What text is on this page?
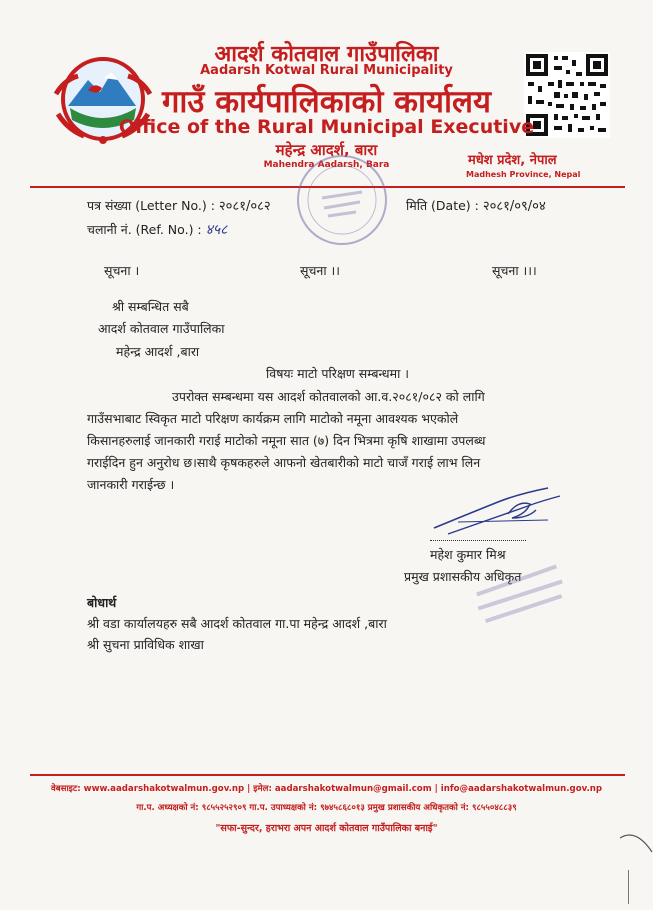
आदर्श कोतवाल गाउँपालिका
Aadarsh Kotwal Rural Municipality
गाउँ कार्यपालिकाको कार्यालय
Office of the Rural Municipal Executive
महेन्द्र आदर्श, बारा
Mahendra Aadarsh, Bara	मधेश प्रदेश, नेपाल
Madhesh Province, Nepal
पत्र संख्या (Letter No.) : २०८१/०८२	मिति (Date) : २०८१/०९/०४
चलानी नं. (Ref. No.) : ४५८
सूचना ।	सूचना ।।	सूचना ।।।
श्री सम्बन्धित सबै
आदर्श कोतवाल गाउँपालिका
महेन्द्र आदर्श ,बारा
विषयः माटो परिक्षण सम्बन्धमा ।
उपरोक्त सम्बन्धमा यस आदर्श कोतवालको आ.व.२०८१/०८२ को लागि
गाउँसभाबाट स्विकृत माटो परिक्षण कार्यक्रम लागि माटोको नमूना आवश्यक भएकोले
किसानहरुलाई जानकारी गराई माटोको नमूना सात (७) दिन भित्रमा कृषि शाखामा उपलब्ध
गराईदिन हुन अनुरोध छ।साथै कृषकहरुले आफनो खेतबारीको माटो चाजँ गराई लाभ लिन
जानकारी गराईन्छ ।
महेश कुमार मिश्र
प्रमुख प्रशासकीय अधिकृत
बोधार्थ
श्री वडा कार्यालयहरु सबै आदर्श कोतवाल गा.पा महेन्द्र आदर्श ,बारा
श्री सुचना प्राविधिक शाखा
वेबसाइट: www.aadarshakotwalmun.gov.np | इमेल: aadarshakotwalmun@gmail.com | info@aadarshakotwalmun.gov.np
गा.प. अध्यक्षको नं: ९८५५२५२९०९ गा.प. उपाध्यक्षको नं: ९७४५८६८०१३ प्रमुख प्रशासकीय अधिकृतको नं: ९८५५०४८८३९
"सफा-सुन्दर, हराभरा अपन आदर्श कोतवाल गाउँपालिका बनाई"
